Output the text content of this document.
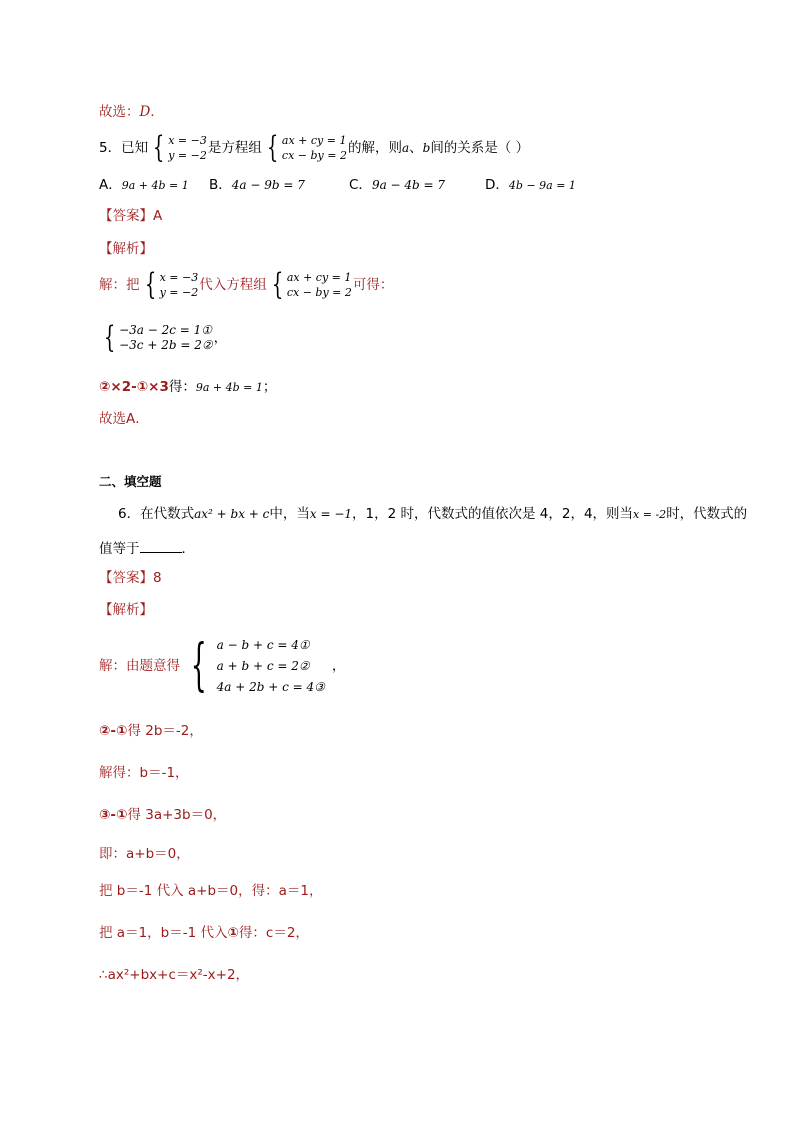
故选：D．
5．已知 { x = −3
y = −2 是方程组 { ax + cy = 1
cx − by = 2 的解，则 a 、 b 间的关系是（ ）
A．9a + 4b = 1 B．4a − 9b = 7	C．9a − 4b = 7	D．4b − 9a = 1
【答案】A
【解析】
解：把 { x = −3
y = −2 代入方程组 { ax + cy = 1
cx − by = 2 可得：
{ −3a − 2c = 1①
−3c + 2b = 2② ，
②×2-①×3得：9a + 4b = 1；
故选A．
二、填空题
6．在代数式ax² + bx + c中，当x = −1，1，2 时，代数式的值依次是 4，2，4，则当x = -2时，代数式的
值等于	．
【答案】8
【解析】
解：由题意得 { a − b + c = 4①
a + b + c = 2②
4a + 2b + c = 4③
，
②-①得 2b＝-2，
解得：b＝-1，
③-①得 3a+3b＝0，
即：a+b＝0，
把 b＝-1 代入 a+b＝0，得：a＝1，
把 a＝1，b＝-1 代入①得：c＝2，
∴ax²+bx+c＝x²-x+2，
